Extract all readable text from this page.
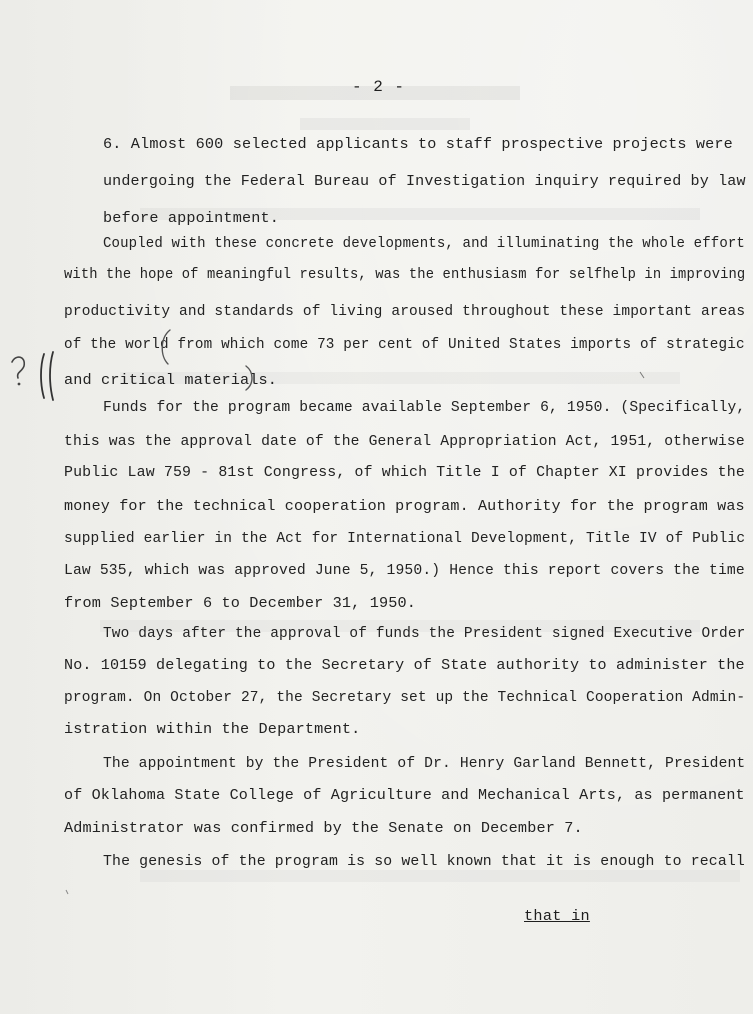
- 2 -
6. Almost 600 selected applicants to staff prospective projects were
undergoing the Federal Bureau of Investigation inquiry required by law
before appointment.
Coupled with these concrete developments, and illuminating the whole effort
with the hope of meaningful results, was the enthusiasm for selfhelp in improving
productivity and standards of living aroused throughout these important areas
of the world from which come 73 per cent of United States imports of strategic
and critical materials.
Funds for the program became available September 6, 1950. (Specifically,
this was the approval date of the General Appropriation Act, 1951, otherwise
Public Law 759 - 81st Congress, of which Title I of Chapter XI provides the
money for the technical cooperation program. Authority for the program was
supplied earlier in the Act for International Development, Title IV of Public
Law 535, which was approved June 5, 1950.) Hence this report covers the time
from September 6 to December 31, 1950.
Two days after the approval of funds the President signed Executive Order
No. 10159 delegating to the Secretary of State authority to administer the
program. On October 27, the Secretary set up the Technical Cooperation Admin-
istration within the Department.
The appointment by the President of Dr. Henry Garland Bennett, President
of Oklahoma State College of Agriculture and Mechanical Arts, as permanent
Administrator was confirmed by the Senate on December 7.
The genesis of the program is so well known that it is enough to recall
that in
